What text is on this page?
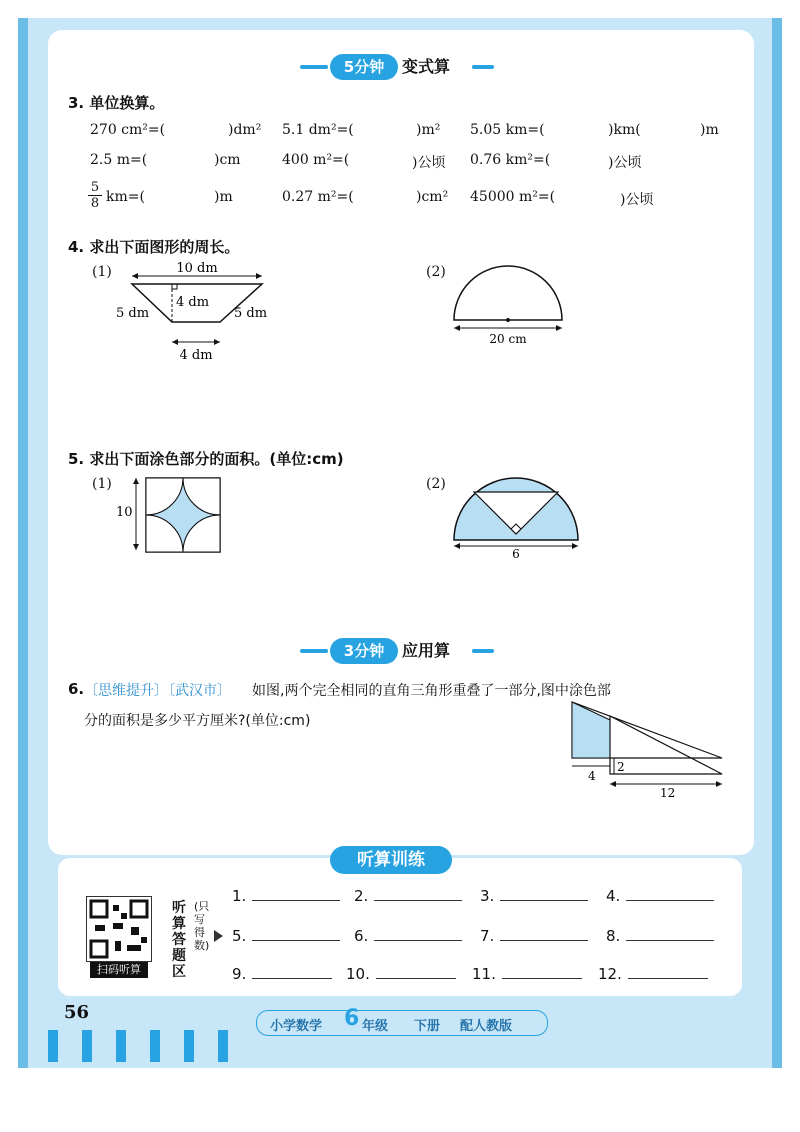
5分钟	变式算
3. 单位换算。
270 cm²=(	)dm² 5.1 dm²=(	)m² 5.05 km=(	)km(	)m
2.5 m=(	)cm	400 m²=(	)公顷 0.76 km²=(	)公顷
$\frac{5}{8} km=$(	)m	0.27 m²=(	)cm² 45000 m²=(	)公顷
4. 求出下面图形的周长。
(1)	(2)
10 dm
4 dm
5 dm	5 dm
4 dm
20 cm
5. 求出下面涂色部分的面积。(单位:cm)
(1)	(2)
10
6
3分钟	应用算
6. 〔思维提升〕〔武汉市〕 如图,两个完全相同的直角三角形重叠了一部分,图中涂色部
分的面积是多少平方厘米?(单位:cm)
4
2
12
听算训练
扫码听算
听算答题区
(只写得数)
1.	2.	3.	4.
5.	6.	7.	8.
9.	10.	11.	12.
56
小学数学 6 年级 下册 配人教版
